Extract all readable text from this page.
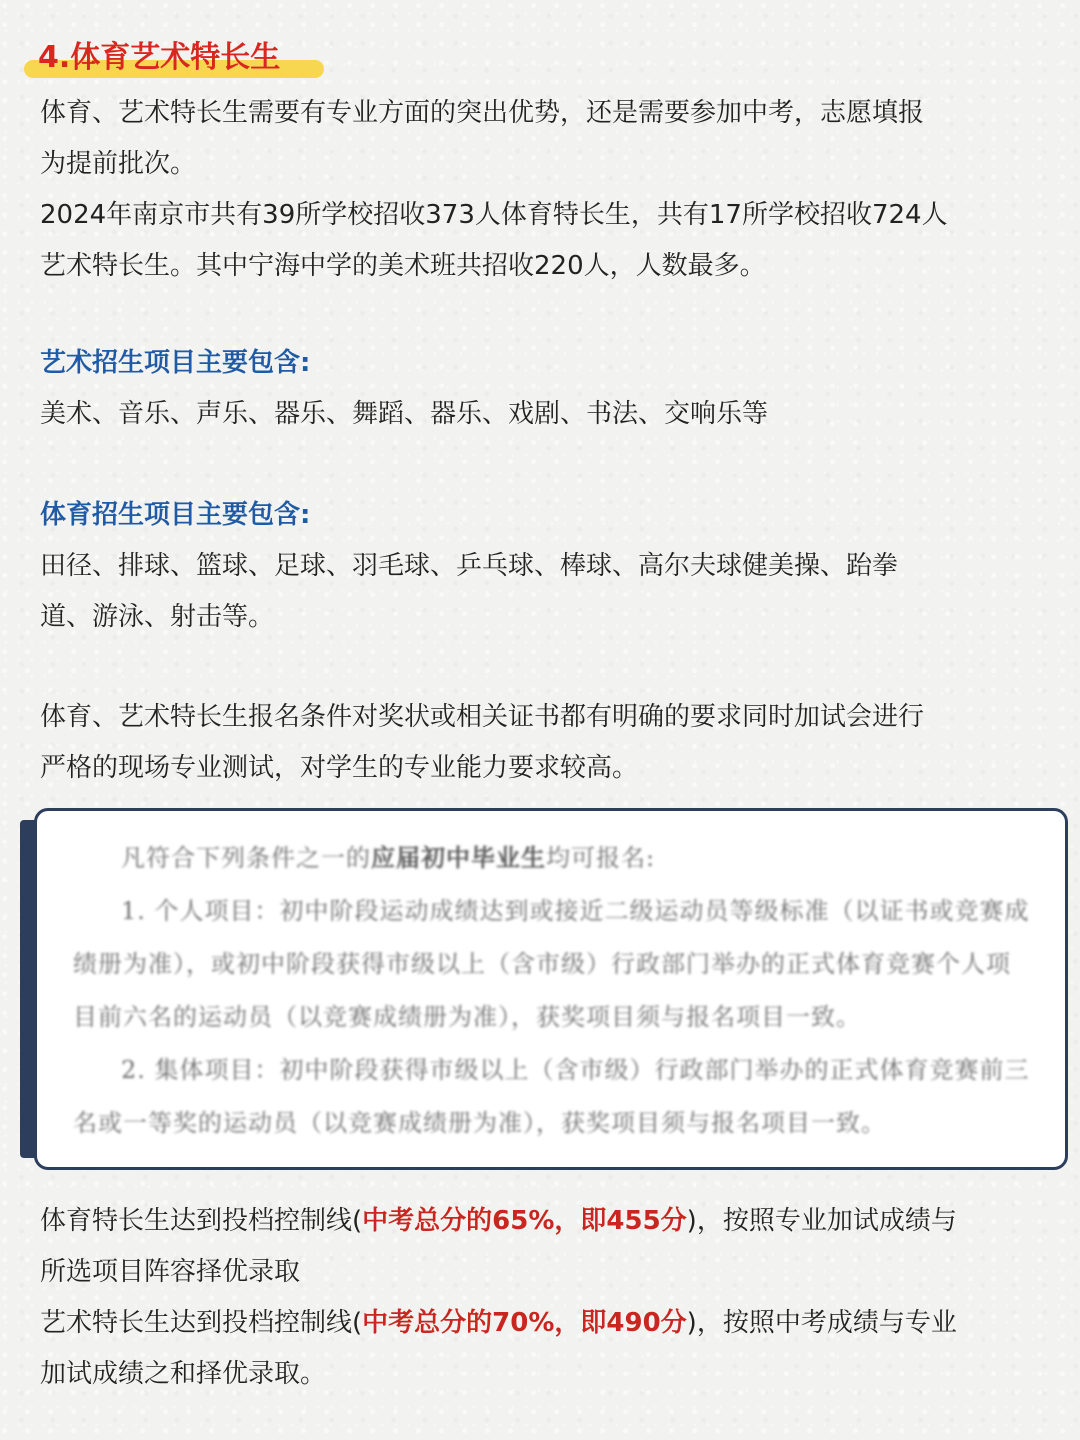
4.体育艺术特长生
体育、艺术特长生需要有专业方面的突出优势，还是需要参加中考，志愿填报
为提前批次。
2024年南京市共有39所学校招收373人体育特长生，共有17所学校招收724人
艺术特长生。其中宁海中学的美术班共招收220人，人数最多。
艺术招生项目主要包含:
美术、音乐、声乐、器乐、舞蹈、器乐、戏剧、书法、交响乐等
体育招生项目主要包含:
田径、排球、篮球、足球、羽毛球、乒乓球、棒球、高尔夫球健美操、跆拳
道、游泳、射击等。
体育、艺术特长生报名条件对奖状或相关证书都有明确的要求同时加试会进行
严格的现场专业测试，对学生的专业能力要求较高。
凡符合下列条件之一的应届初中毕业生均可报名:
1. 个人项目：初中阶段运动成绩达到或接近二级运动员等级标准（以证书或竞赛成
绩册为准），或初中阶段获得市级以上（含市级）行政部门举办的正式体育竞赛个人项
目前六名的运动员（以竞赛成绩册为准），获奖项目须与报名项目一致。
2. 集体项目：初中阶段获得市级以上（含市级）行政部门举办的正式体育竞赛前三
名或一等奖的运动员（以竞赛成绩册为准），获奖项目须与报名项目一致。
体育特长生达到投档控制线(中考总分的65%，即455分)，按照专业加试成绩与
所选项目阵容择优录取
艺术特长生达到投档控制线(中考总分的70%，即490分)，按照中考成绩与专业
加试成绩之和择优录取。
